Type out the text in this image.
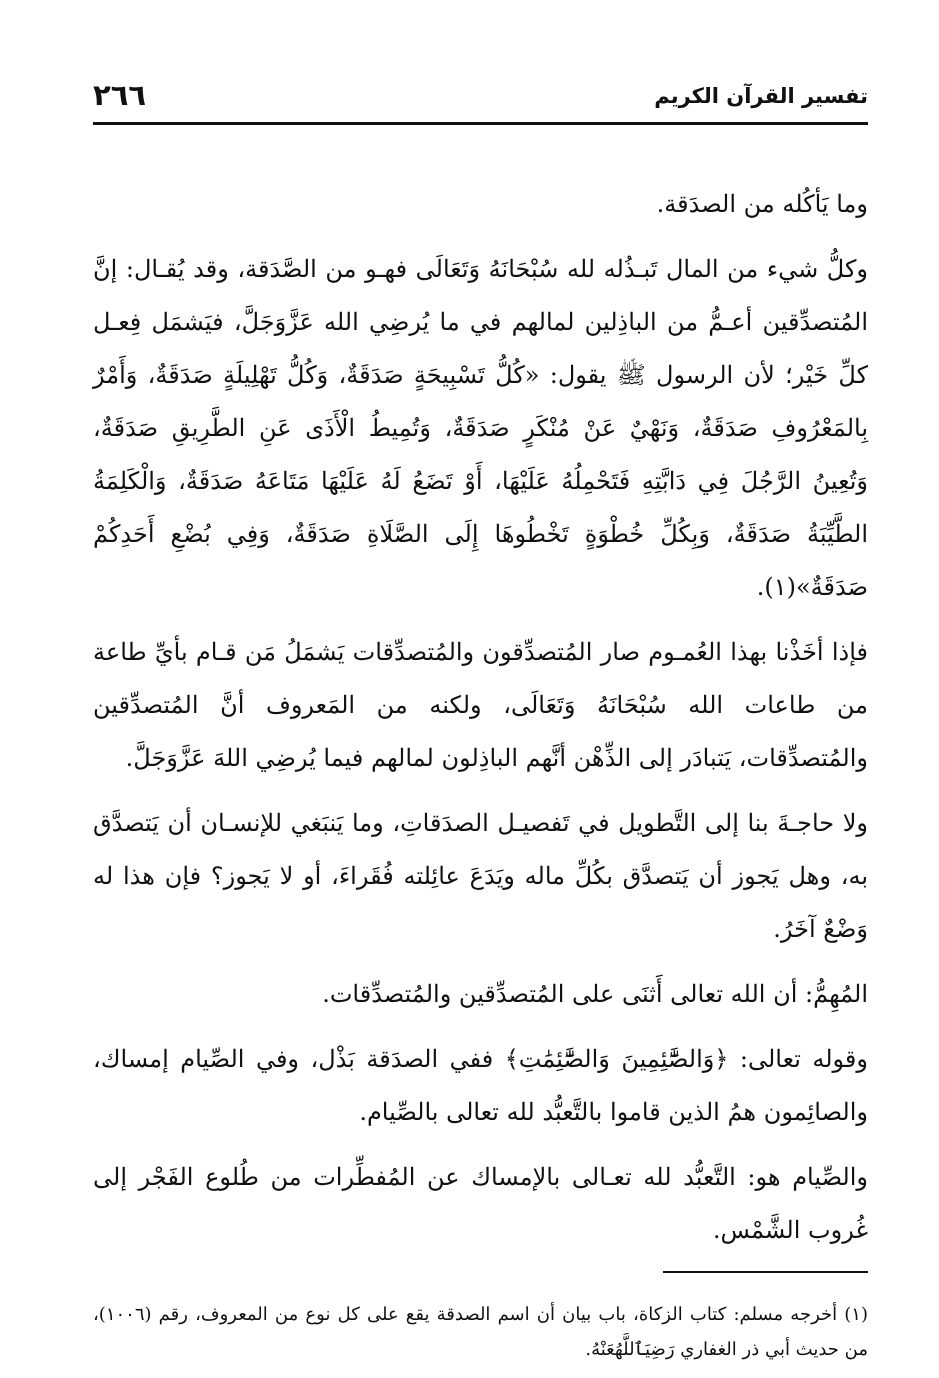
تفسير القرآن الكريم
٢٦٦

وما يَأكُله من الصدَقة.

وكلُّ شيء من المال تَبـذُله لله سُبْحَانَهُ وَتَعَالَى فهـو من الصَّدَقة، وقد يُقـال: إنَّ المُتصدِّقين أعـمُّ من الباذِلين لمالهم في ما يُرضِي الله عَزَّوَجَلَّ، فيَشمَل فِعـل كلِّ خَيْر؛ لأن الرسول ﷺ يقول: «كُلُّ تَسْبِيحَةٍ صَدَقَةٌ، وَكُلُّ تَهْلِيلَةٍ صَدَقَةٌ، وَأَمْرٌ بِالمَعْرُوفِ صَدَقَةٌ، وَنَهْيٌ عَنْ مُنْكَرٍ صَدَقَةٌ، وَتُمِيطُ الْأَذَى عَنِ الطَّرِيقِ صَدَقَةٌ، وَتُعِينُ الرَّجُلَ فِي دَابَّتِهِ فَتَحْمِلُهُ عَلَيْهَا، أَوْ تَضَعُ لَهُ عَلَيْهَا مَتَاعَهُ صَدَقَةٌ، وَالْكَلِمَةُ الطَّيِّبَةُ صَدَقَةٌ، وَبِكُلِّ خُطْوَةٍ تَخْطُوهَا إِلَى الصَّلَاةِ صَدَقَةٌ، وَفِي بُضْعِ أَحَدِكُمْ صَدَقَةٌ»(١).

فإذا أخَذْنا بهذا العُمـوم صار المُتصدِّقون والمُتصدِّقات يَشمَلُ مَن قـام بأيِّ طاعة من طاعات الله سُبْحَانَهُ وَتَعَالَى، ولكنه من المَعروف أنَّ المُتصدِّقين والمُتصدِّقات، يَتبادَر إلى الذِّهْن أنَّهم الباذِلون لمالهم فيما يُرضِي اللهَ عَزَّوَجَلَّ.

ولا حاجـةَ بنا إلى التَّطويل في تَفصيـل الصدَقاتِ، وما يَنبَغي للإنسـان أن يَتصدَّق به، وهل يَجوز أن يَتصدَّق بكُلِّ ماله ويَدَعَ عائِلته فُقَراءَ، أو لا يَجوز؟ فإن هذا له وَضْعٌ آخَرُ.

المُهِمُّ: أن الله تعالى أَثنَى على المُتصدِّقين والمُتصدِّقات.

وقوله تعالى: ﴿وَالصَّٰٓئِمِينَ وَالصَّٰٓئِمَٰتِ﴾ ففي الصدَقة بَذْل، وفي الصِّيام إمساك، والصائِمون همُ الذين قاموا بالتَّعبُّد لله تعالى بالصِّيام.

والصِّيام هو: التَّعبُّد لله تعـالى بالإمساك عن المُفطِّرات من طُلوع الفَجْر إلى غُروب الشَّمْس.

(١) أخرجه مسلم: كتاب الزكاة، باب بيان أن اسم الصدقة يقع على كل نوع من المعروف، رقم (١٠٠٦)، من حديث أبي ذر الغفاري رَضِيَٱللَّهُعَنْهُ.
